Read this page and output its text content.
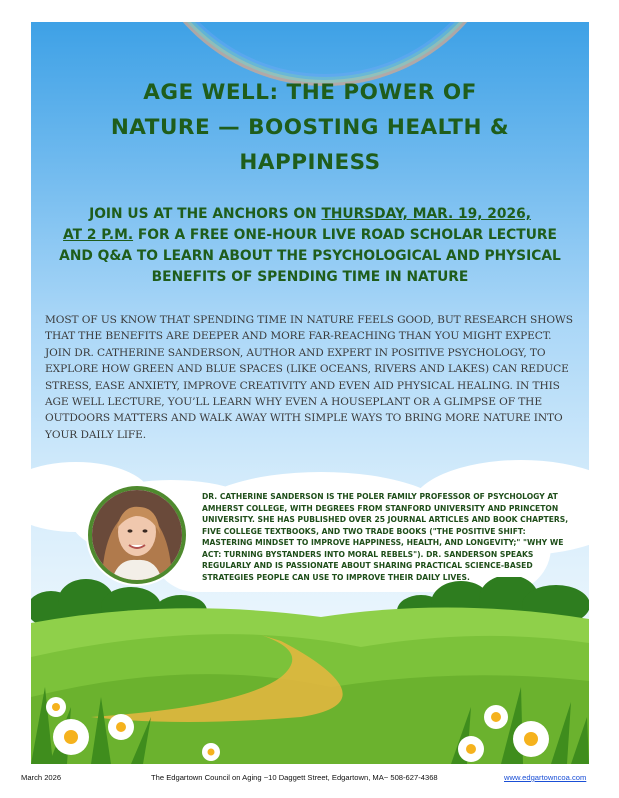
AGE WELL: THE POWER OF
NATURE — BOOSTING HEALTH &
HAPPINESS

JOIN US AT THE ANCHORS ON THURSDAY, MAR. 19, 2026,
AT 2 P.M. FOR A FREE ONE-HOUR LIVE ROAD SCHOLAR LECTURE AND Q&A TO LEARN ABOUT THE PSYCHOLOGICAL AND PHYSICAL BENEFITS OF SPENDING TIME IN NATURE

MOST OF US KNOW THAT SPENDING TIME IN NATURE FEELS GOOD, BUT RESEARCH SHOWS THAT THE BENEFITS ARE DEEPER AND MORE FAR-REACHING THAN YOU MIGHT EXPECT. JOIN DR. CATHERINE SANDERSON, AUTHOR AND EXPERT IN POSITIVE PSYCHOLOGY, TO EXPLORE HOW GREEN AND BLUE SPACES (LIKE OCEANS, RIVERS AND LAKES) CAN REDUCE STRESS, EASE ANXIETY, IMPROVE CREATIVITY AND EVEN AID PHYSICAL HEALING. IN THIS AGE WELL LECTURE, YOU’LL LEARN WHY EVEN A HOUSEPLANT OR A GLIMPSE OF THE OUTDOORS MATTERS AND WALK AWAY WITH SIMPLE WAYS TO BRING MORE NATURE INTO YOUR DAILY LIFE.

DR. CATHERINE SANDERSON IS THE POLER FAMILY PROFESSOR OF PSYCHOLOGY AT AMHERST COLLEGE, WITH DEGREES FROM STANFORD UNIVERSITY AND PRINCETON UNIVERSITY. SHE HAS PUBLISHED OVER 25 JOURNAL ARTICLES AND BOOK CHAPTERS, FIVE COLLEGE TEXTBOOKS, AND TWO TRADE BOOKS ("THE POSITIVE SHIFT: MASTERING MINDSET TO IMPROVE HAPPINESS, HEALTH, AND LONGEVITY;" "WHY WE ACT: TURNING BYSTANDERS INTO MORAL REBELS"). DR. SANDERSON SPEAKS REGULARLY AND IS PASSIONATE ABOUT SHARING PRACTICAL SCIENCE-BASED STRATEGIES PEOPLE CAN USE TO IMPROVE THEIR DAILY LIVES.

March 2026	The Edgartown Council on Aging ~10 Daggett Street, Edgartown, MA~ 508-627-4368	www.edgartowncoa.com
